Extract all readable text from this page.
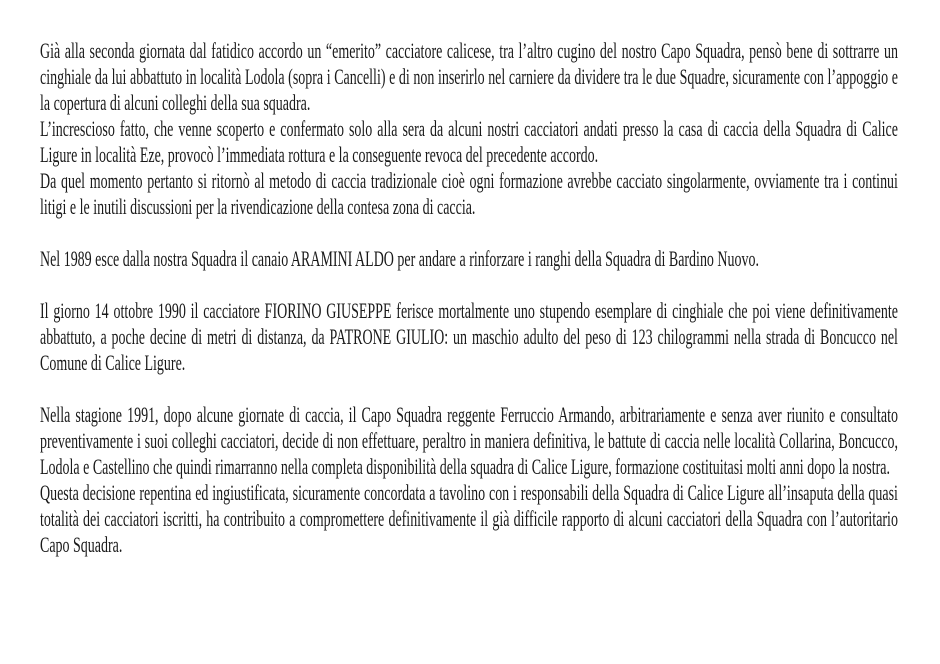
Già alla seconda giornata dal fatidico accordo un “emerito” cacciatore calicese, tra l’altro cugino del nostro Capo Squadra, pensò bene di sottrarre un cinghiale da lui abbattuto in località Lodola (sopra i Cancelli) e di non inserirlo nel carniere da dividere tra le due Squadre, sicuramente con l’appoggio e la copertura di alcuni colleghi della sua squadra.

L’increscioso fatto, che venne scoperto e confermato solo alla sera da alcuni nostri cacciatori andati presso la casa di caccia della Squadra di Calice Ligure in località Eze, provocò l’immediata rottura e la conseguente revoca del precedente accordo.

Da quel momento pertanto si ritornò al metodo di caccia tradizionale cioè ogni formazione avrebbe cacciato singolarmente, ovviamente tra i continui litigi e le inutili discussioni per la rivendicazione della contesa zona di caccia.

Nel 1989 esce dalla nostra Squadra il canaio ARAMINI ALDO per andare a rinforzare i ranghi della Squadra di Bardino Nuovo.

Il giorno 14 ottobre 1990 il cacciatore FIORINO GIUSEPPE ferisce mortalmente uno stupendo esemplare di cinghiale che poi viene definitivamente abbattuto, a poche decine di metri di distanza, da PATRONE GIULIO: un maschio adulto del peso di 123 chilogrammi nella strada di Boncucco nel Comune di Calice Ligure.

Nella stagione 1991, dopo alcune giornate di caccia, il Capo Squadra reggente Ferruccio Armando, arbitrariamente e senza aver riunito e consultato preventivamente i suoi colleghi cacciatori, decide di non effettuare, peraltro in maniera definitiva, le battute di caccia nelle località Collarina, Boncucco, Lodola e Castellino che quindi rimarranno nella completa disponibilità della squadra di Calice Ligure, formazione costituitasi molti anni dopo la nostra.

Questa decisione repentina ed ingiustificata, sicuramente concordata a tavolino con i responsabili della Squadra di Calice Ligure all’insaputa della quasi totalità dei cacciatori iscritti, ha contribuito a compromettere definitivamente il già difficile rapporto di alcuni cacciatori della Squadra con l’autoritario Capo Squadra.
